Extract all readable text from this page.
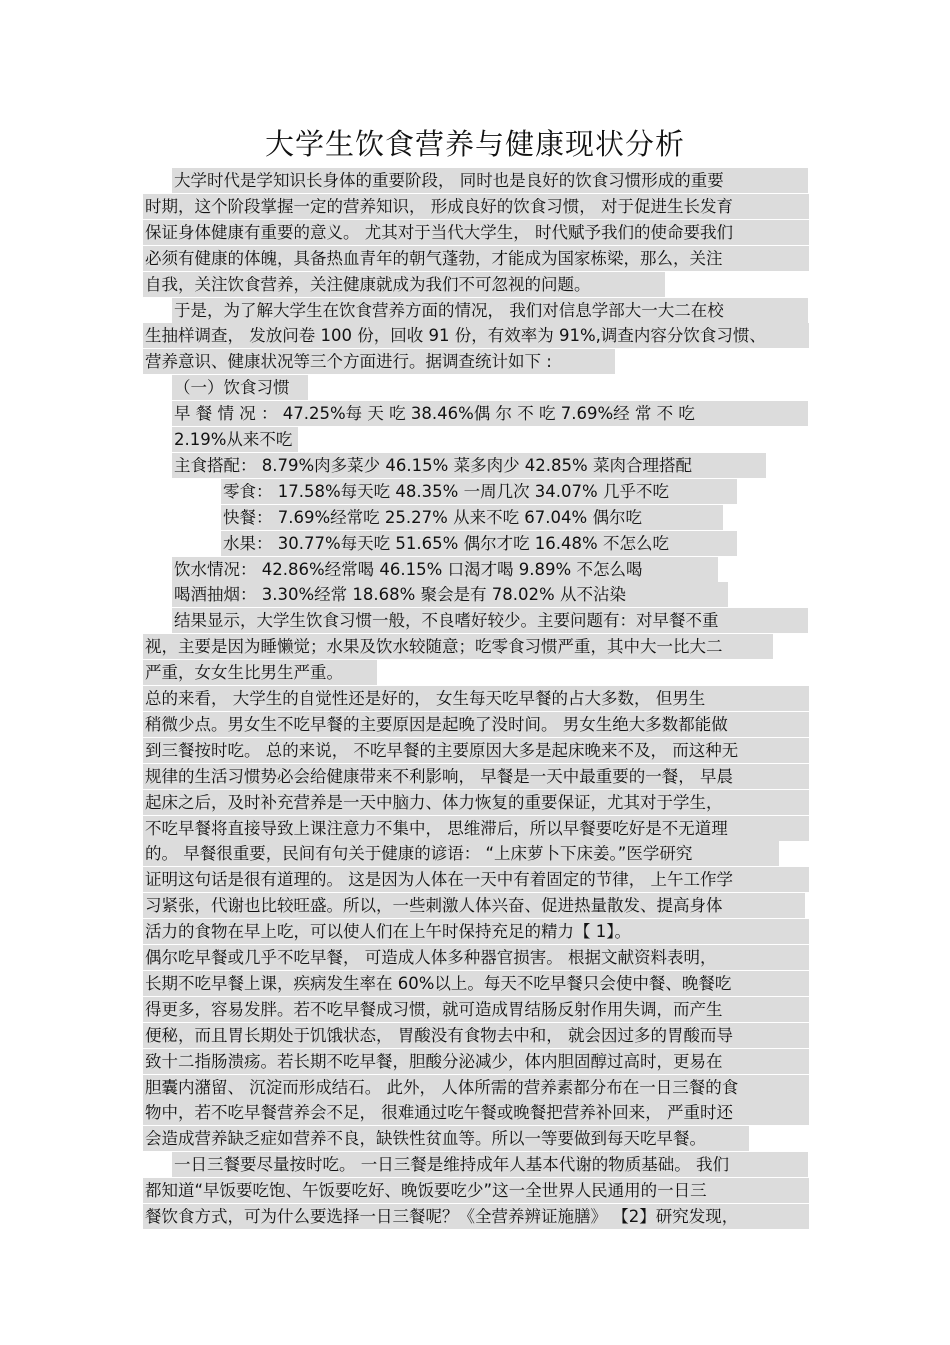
大学生饮食营养与健康现状分析
大学时代是学知识长身体的重要阶段， 同时也是良好的饮食习惯形成的重要
时期，这个阶段掌握一定的营养知识， 形成良好的饮食习惯， 对于促进生长发育
保证身体健康有重要的意义。 尤其对于当代大学生， 时代赋予我们的使命要我们
必须有健康的体魄，具备热血青年的朝气蓬勃，才能成为国家栋梁，那么，关注
自我，关注饮食营养，关注健康就成为我们不可忽视的问题。
于是，为了解大学生在饮食营养方面的情况， 我们对信息学部大一大二在校
生抽样调查， 发放问卷 100 份，回收 91 份，有效率为 91%,调查内容分饮食习惯、
营养意识、健康状况等三个方面进行。据调查统计如下 :
（一）饮食习惯
早 餐 情 况 ： 47.25%每 天 吃 38.46%偶 尔 不 吃 7.69%经 常 不 吃
2.19%从来不吃
主食搭配： 8.79%肉多菜少 46.15% 菜多肉少 42.85% 菜肉合理搭配
零食： 17.58%每天吃 48.35% 一周几次 34.07% 几乎不吃
快餐： 7.69%经常吃 25.27% 从来不吃 67.04% 偶尔吃
水果： 30.77%每天吃 51.65% 偶尔才吃 16.48% 不怎么吃
饮水情况： 42.86%经常喝 46.15% 口渴才喝 9.89% 不怎么喝
喝酒抽烟： 3.30%经常 18.68% 聚会是有 78.02% 从不沾染
结果显示，大学生饮食习惯一般，不良嗜好较少。主要问题有：对早餐不重
视，主要是因为睡懒觉；水果及饮水较随意；吃零食习惯严重，其中大一比大二
严重，女女生比男生严重。
总的来看， 大学生的自觉性还是好的， 女生每天吃早餐的占大多数， 但男生
稍微少点。男女生不吃早餐的主要原因是起晚了没时间。 男女生绝大多数都能做
到三餐按时吃。 总的来说， 不吃早餐的主要原因大多是起床晚来不及， 而这种无
规律的生活习惯势必会给健康带来不利影响， 早餐是一天中最重要的一餐， 早晨
起床之后，及时补充营养是一天中脑力、体力恢复的重要保证，尤其对于学生，
不吃早餐将直接导致上课注意力不集中， 思维滞后，所以早餐要吃好是不无道理
的。 早餐很重要，民间有句关于健康的谚语： “上床萝卜下床姜。”医学研究
证明这句话是很有道理的。 这是因为人体在一天中有着固定的节律， 上午工作学
习紧张，代谢也比较旺盛。所以，一些刺激人体兴奋、促进热量散发、提高身体
活力的食物在早上吃，可以使人们在上午时保持充足的精力【 1】。
偶尔吃早餐或几乎不吃早餐， 可造成人体多种器官损害。 根据文献资料表明，
长期不吃早餐上课，疾病发生率在 60%以上。每天不吃早餐只会使中餐、晚餐吃
得更多，容易发胖。若不吃早餐成习惯，就可造成胃结肠反射作用失调，而产生
便秘，而且胃长期处于饥饿状态， 胃酸没有食物去中和， 就会因过多的胃酸而导
致十二指肠溃疡。若长期不吃早餐，胆酸分泌减少，体内胆固醇过高时，更易在
胆囊内潴留、 沉淀而形成结石。 此外， 人体所需的营养素都分布在一日三餐的食
物中，若不吃早餐营养会不足， 很难通过吃午餐或晚餐把营养补回来， 严重时还
会造成营养缺乏症如营养不良，缺铁性贫血等。所以一等要做到每天吃早餐。
一日三餐要尽量按时吃。 一日三餐是维持成年人基本代谢的物质基础。 我们
都知道“早饭要吃饱、午饭要吃好、晚饭要吃少”这一全世界人民通用的一日三
餐饮食方式，可为什么要选择一日三餐呢？《全营养辨证施膳》 【2】研究发现，
